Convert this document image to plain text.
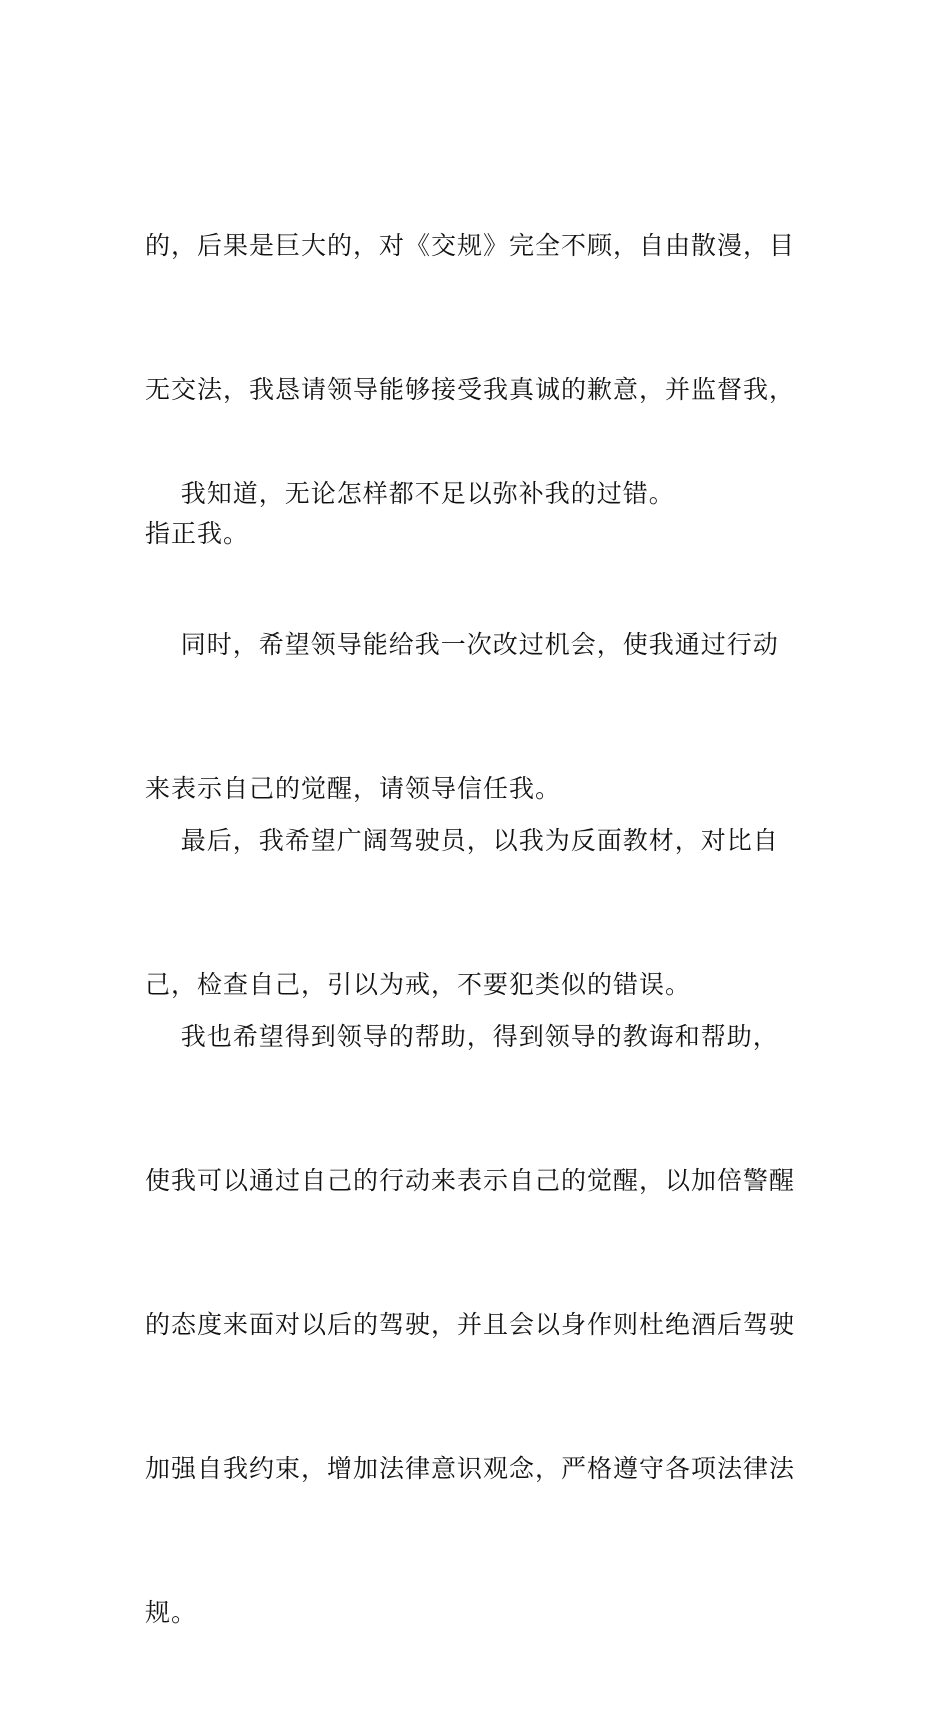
的，后果是巨大的，对《交规》完全不顾，自由散漫，目

无交法，我恳请领导能够接受我真诚的歉意，并监督我，

指正我。

我知道，无论怎样都不足以弥补我的过错。

同时，希望领导能给我一次改过机会，使我通过行动

来表示自己的觉醒，请领导信任我。

最后，我希望广阔驾驶员，以我为反面教材，对比自

己，检查自己，引以为戒，不要犯类似的错误。

我也希望得到领导的帮助，得到领导的教诲和帮助，

使我可以通过自己的行动来表示自己的觉醒，以加倍警醒

的态度来面对以后的驾驶，并且会以身作则杜绝酒后驾驶

加强自我约束，增加法律意识观念，严格遵守各项法律法

规。
